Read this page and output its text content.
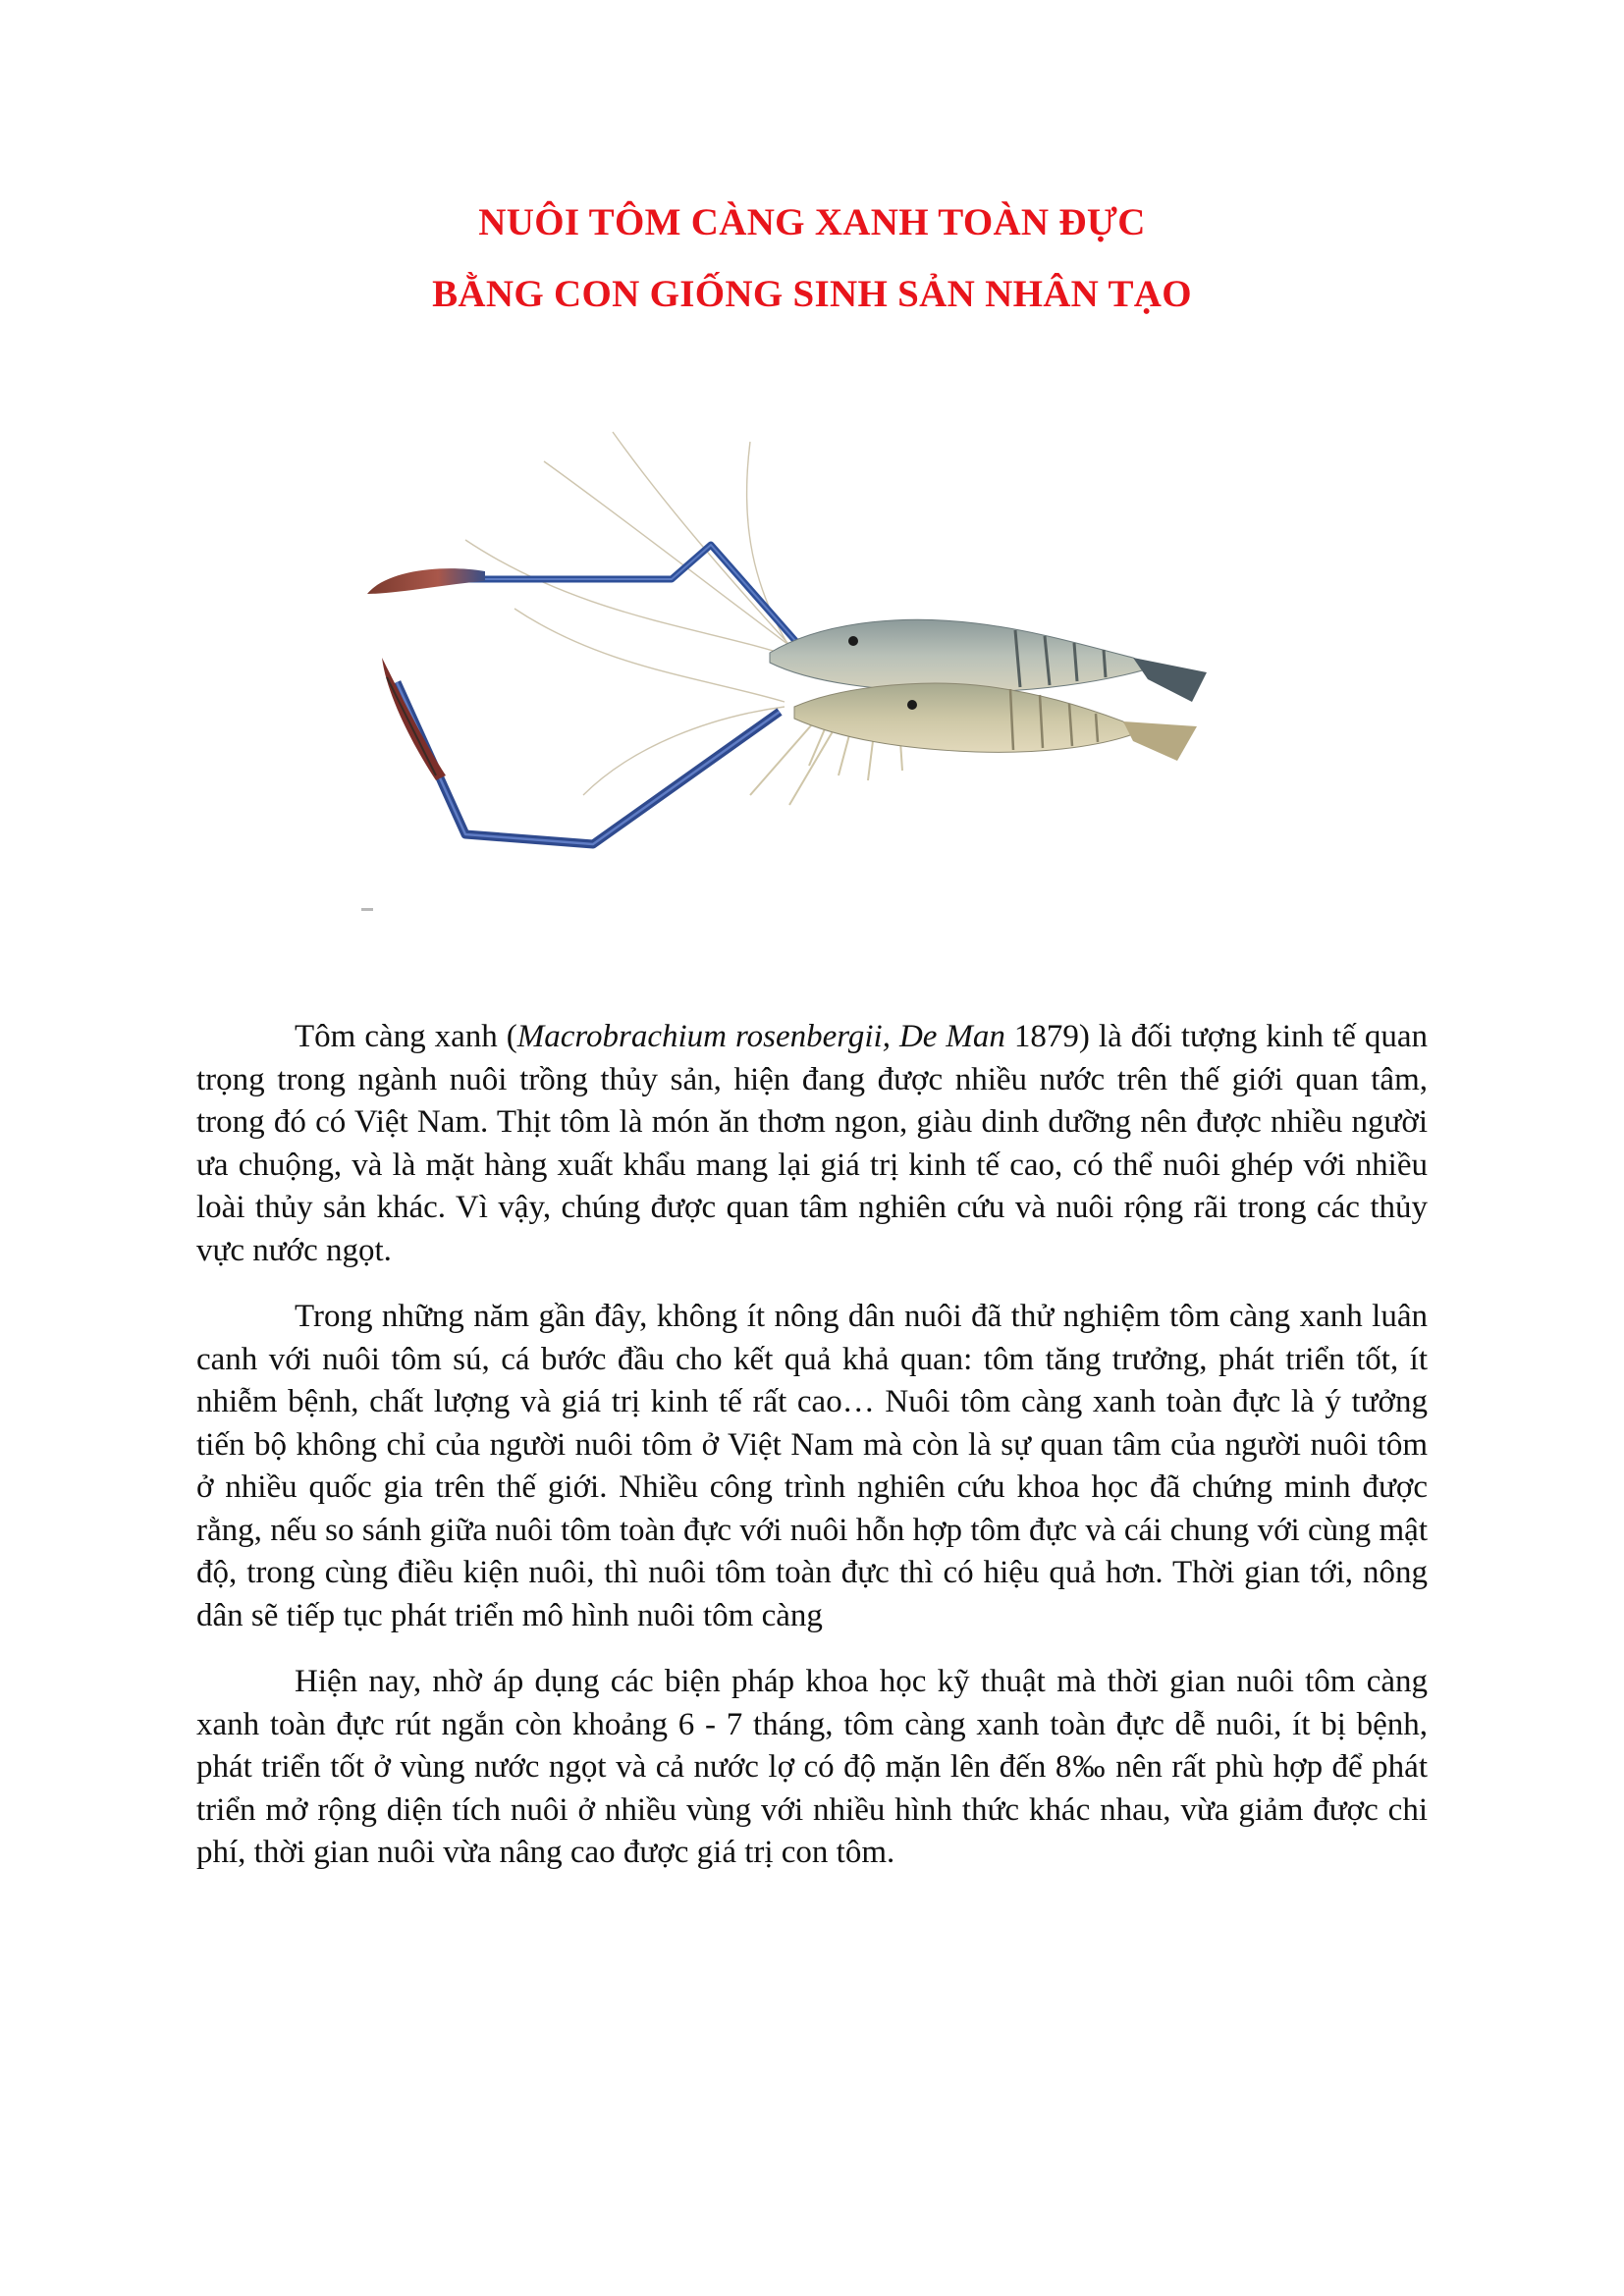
NUÔI TÔM CÀNG XANH TOÀN ĐỰC
BẰNG CON GIỐNG SINH SẢN NHÂN TẠO

Tôm càng xanh (Macrobrachium rosenbergii, De Man 1879) là đối tượng kinh tế quan trọng trong ngành nuôi trồng thủy sản, hiện đang được nhiều nước trên thế giới quan tâm, trong đó có Việt Nam. Thịt tôm là món ăn thơm ngon, giàu dinh dưỡng nên được nhiều người ưa chuộng, và là mặt hàng xuất khẩu mang lại giá trị kinh tế cao, có thể nuôi ghép với nhiều loài thủy sản khác. Vì vậy, chúng được quan tâm nghiên cứu và nuôi rộng rãi trong các thủy vực nước ngọt.

Trong những năm gần đây, không ít nông dân nuôi đã thử nghiệm tôm càng xanh luân canh với nuôi tôm sú, cá bước đầu cho kết quả khả quan: tôm tăng trưởng, phát triển tốt, ít nhiễm bệnh, chất lượng và giá trị kinh tế rất cao… Nuôi tôm càng xanh toàn đực là ý tưởng tiến bộ không chỉ của người nuôi tôm ở Việt Nam mà còn là sự quan tâm của người nuôi tôm ở nhiều quốc gia trên thế giới. Nhiều công trình nghiên cứu khoa học đã chứng minh được rằng, nếu so sánh giữa nuôi tôm toàn đực với nuôi hỗn hợp tôm đực và cái chung với cùng mật độ, trong cùng điều kiện nuôi, thì nuôi tôm toàn đực thì có hiệu quả hơn. Thời gian tới, nông dân sẽ tiếp tục phát triển mô hình nuôi tôm càng

Hiện nay, nhờ áp dụng các biện pháp khoa học kỹ thuật mà thời gian nuôi tôm càng xanh toàn đực rút ngắn còn khoảng 6 - 7 tháng, tôm càng xanh toàn đực dễ nuôi, ít bị bệnh, phát triển tốt ở vùng nước ngọt và cả nước lợ có độ mặn lên đến 8‰ nên rất phù hợp để phát triển mở rộng diện tích nuôi ở nhiều vùng với nhiều hình thức khác nhau, vừa giảm được chi phí, thời gian nuôi vừa nâng cao được giá trị con tôm.
